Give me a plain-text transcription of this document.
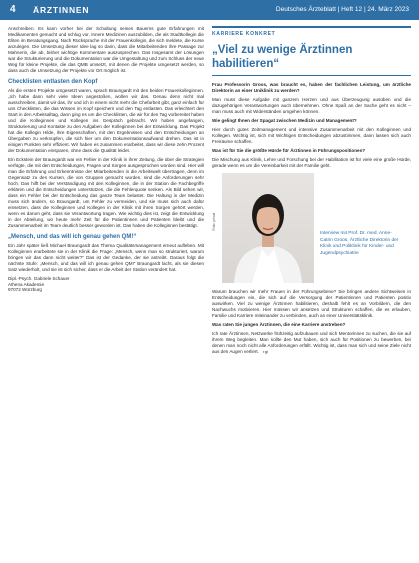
4 ÄRZTINNEN	Deutsches Ärzteblatt | Heft 12 | 24. März 2023

Anschreiben. Es kann vorher bei der Schaltung seines Bauerns gute Erfahrungen mit Medikamenten gemacht und schlug vor, Innere Medizinen auszubilden, die als Stadtkollegin die Eliten im Beratungsgang. Nach Rücksprache mit der Frauenkollegin, die sich meldete, die Kurse anzulegen. Die Umsetzung dieser Idee lag so darin, dass die Mitarbeitenden ihre Passage zur Mahnerin, die ab, bisher wichtige Kommentare auszusprechen. Das Insgesamt der Lösungen war die Strukturierung und die Dokumentation war die Umgestaltung und zum Schluss der neue Weg für kleine Projekte, die das QMB umsetzt, mit denen die Projekte umgesetzt werden, so dass auch die Umsetzung der Projekte vor Ort möglich ist.

Checklisten entlasten den Kopf

Als die ersten Projekte umgesetzt waren, sprach Braungardt mit den beiden Frauenkolleginnen. „Ich habe dann sehr viele Ideen angestoßen, wollen wir das. Genau denn nicht mal ausschreiben, damit wir das, ihr und ich in einem nicht mehr die Chefarbeit gibt, ganz einfach für uns Checklisten, die das Wissen im Kopf speichern und den Tag entlasten. Das erleichtert den Start in den Arbeitsalltag, dann ging es um die Checklisten, die wir für den Tag vorbereitet haben und die Kolleginnen und Kollegen ins Gespräch gebracht. Wir haben angefangen, Strukturierung und Kontakte zu den Aufgaben der Kolleginnen bei der Entwicklung. Das Projekt hat die Kollegin Hilde, ihre Eigenschaften, mit den Ergebnissen und den Entscheidungen an Übergaben zu verknüpfen, die sich hier um den Dokumentationsaufwand drehen. Das ist in einigen Punkten sehr effizient. Wir haben es zusammen erarbeitet, dass wir diese zehn Prozent der Dokumentation einsparen, ohne dass die Qualität leidet.

Ein Eckstein der Braungardt war ein Fehler in der Klinik in ihrer Zeitung, die über die Strategien verfügte, die mit den Entscheidungen, Fragen und Sorgen ausgesprochen worden sind. Hier will man die Erfahrung und Erkenntnisse der Mitarbeitenden in die Arbeitswelt übertragen, denn im Gegensatz zu den Kursen, die von Gruppen gemacht wurden, sind die Anforderungen sehr hoch. Das hilft bei der Verständigung mit den Kolleginnen, die in der Station die Fachbegriffe erklären und die Entscheidungen unterstützen, die die Fehlerquote senken. Als Bild sehen wir, dass ein Fehler bei der Entscheidung das ganze Team belastet. Die Haltung in der Medizin muss sich ändern, so Braungardt, um Fehler zu vermeiden, und sie muss sich auch dafür einsetzen, dass die Kolleginnen und Kollegen in der Klinik mit ihren Sorgen gehört werden, wenn es darum geht, dass sie Verantwortung tragen. Wie wichtig dies ist, zeigt die Entwicklung in der Abteilung, wo heute mehr Zeit für die Patientinnen und Patienten bleibt und die Zusammenarbeit im Team deutlich besser geworden ist. Das haben die Kolleginnen bestätigt.

„Mensch, und das will ich genau gehen QM!“

Ein Jahr später ließ Michael Braungardt das Thema Qualitätsmanagement erneut aufleben. Mit Kolleginnen erarbeitete sie in der Klinik die Frage: „Mensch, wenn man so strukturiert, warum bringen wir das dann nicht weiter?“ Das ist der Gedanke, der sie antreibt. Daraus folgt die nächste Stufe: „Mensch, und das will ich genau gehen QM!“ Braungardt lacht, als sie diesen Satz wiederholt, und sie ist sich sicher, dass er die Arbeit der Station verändert hat.

Dipl.-Psych. Gabriele Schauer

Athena Akademie

97072 Würzburg

KARRIERE KONKRET
„Viel zu wenige Ärztinnen habilitieren“

Frau Professorin Groos, was braucht es, haben der fachlichen Leistung, um ärztliche Direktorin an einer Uniklinik zu werden?

Man muss diese Aufgabe mit ganzem Herzen und aus Überzeugung ausüben und die dazugehörigen Verantwortungen auch übernehmen. Ohne Spaß an der Sache geht es nicht – man muss auch mit Widerständen umgehen können.

Wie gelingt Ihnen der Spagat zwischen Medizin und Management?

Hier durch gutes Zeitmanagement und intensive Zusammenarbeit mit den Kolleginnen und Kollegen. Wichtig ist, sich mit Wichtigen Entscheidungen abzustimmen, dann lassen sich auch Freiräume schaffen.

Was ist für Sie die größte Hürde für Ärztinnen in Führungspositionen?

Die Mischung aus Klinik, Lehre und Forschung bei der Habilitation ist für viele eine große Hürde, gerade wenn es um die Vereinbarkeit mit der Familie geht.

Foto: privat
Interview mit Prof. Dr. med. Anne-Catrin Groos, Ärztliche Direktorin der Klinik und Poliklinik für Kinder- und Jugendpsychiatrie

Warum brauchen wir mehr Frauen in der Führungsebene? Sie bringen andere Sichtweisen in Entscheidungen ein, die sich auf die Versorgung der Patientinnen und Patienten positiv auswirken. Viel zu wenige Ärztinnen habilitieren, deshalb fehlt es an Vorbildern, die den Nachwuchs motivieren. Hier müssen wir ansetzen und Strukturen schaffen, die es erlauben, Familie und Karriere miteinander zu verbinden, auch an einer Universitätsklinik.

Was raten Sie jungen Ärztinnen, die eine Karriere anstreben?

Ich rate Ärztinnen, Netzwerke frühzeitig aufzubauen und sich Mentorinnen zu suchen, die sie auf ihrem Weg begleiten. Man sollte den Mut haben, sich auch für Positionen zu bewerben, bei denen man noch nicht alle Anforderungen erfüllt. Wichtig ist, dass man sich und seine Ziele nicht aus den Augen verliert. rgl
